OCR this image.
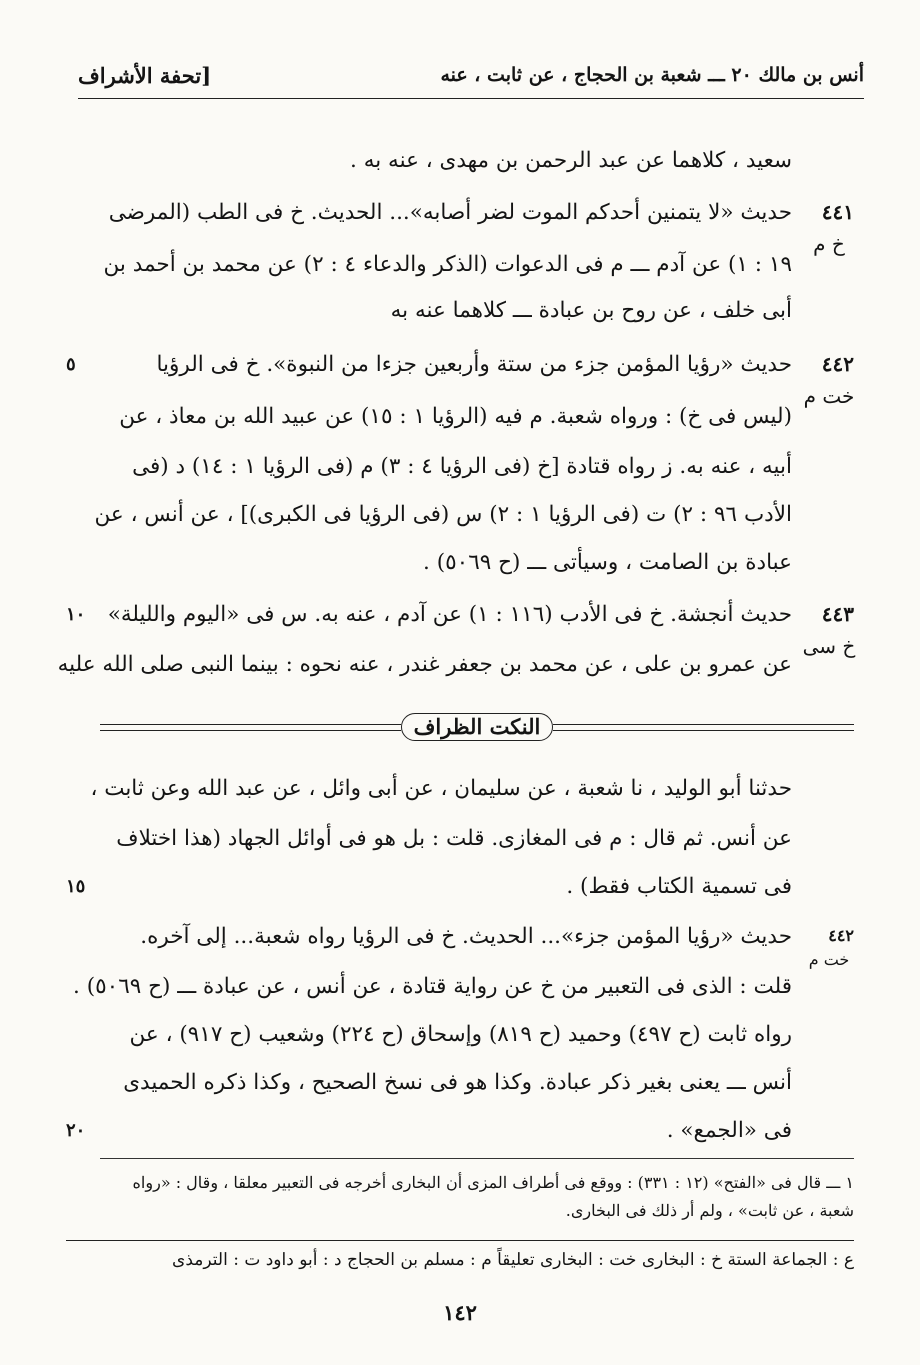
أنس بن مالك ٢٠ ـــ شعبة بن الحجاج ، عن ثابت ، عنه
[تحفة الأشراف
سعيد ، كلاهما عن عبد الرحمن بن مهدى ، عنه به .
٤٤١
خ م
حديث «لا يتمنين أحدكم الموت لضر أصابه»... الحديث. خ فى الطب (المرضى
١٩ : ١) عن آدم ـــ م فى الدعوات (الذكر والدعاء ٤ : ٢) عن محمد بن أحمد بن
أبى خلف ، عن روح بن عبادة ـــ كلاهما عنه به
٤٤٢
خت م
٥	حديث «رؤيا المؤمن جزء من ستة وأربعين جزءا من النبوة». خ فى الرؤيا
(ليس فى خ) : ورواه شعبة. م فيه (الرؤيا ١ : ١٥) عن عبيد الله بن معاذ ، عن
أبيه ، عنه به. ز رواه قتادة [خ (فى الرؤيا ٤ : ٣) م (فى الرؤيا ١ : ١٤) د (فى
الأدب ٩٦ : ٢) ت (فى الرؤيا ١ : ٢) س (فى الرؤيا فى الكبرى)] ، عن أنس ، عن
عبادة بن الصامت ، وسيأتى ـــ (ح ٥٠٦٩) .
٤٤٣
خ سى
١٠	حديث أنجشة. خ فى الأدب (١١٦ : ١) عن آدم ، عنه به. س فى «اليوم والليلة»
عن عمرو بن على ، عن محمد بن جعفر غندر ، عنه نحوه : بينما النبى صلى الله عليه
النكت الظراف
حدثنا أبو الوليد ، نا شعبة ، عن سليمان ، عن أبى وائل ، عن عبد الله وعن ثابت ،
عن أنس. ثم قال : م فى المغازى. قلت : بل هو فى أوائل الجهاد (هذا اختلاف
١٥	فى تسمية الكتاب فقط) .
٤٤٢
خت م
حديث «رؤيا المؤمن جزء»... الحديث. خ فى الرؤيا رواه شعبة... إلى آخره.
قلت : الذى فى التعبير من خ عن رواية قتادة ، عن أنس ، عن عبادة ـــ (ح ٥٠٦٩) .
رواه ثابت (ح ٤٩٧) وحميد (ح ٨١٩) وإسحاق (ح ٢٢٤) وشعيب (ح ٩١٧) ، عن
أنس ـــ يعنى بغير ذكر عبادة. وكذا هو فى نسخ الصحيح ، وكذا ذكره الحميدى
٢٠	فى «الجمع» .
١ ـــ قال فى «الفتح» (١٢ : ٣٣١) : ووقع فى أطراف المزى أن البخارى أخرجه فى التعبير معلقا ، وقال : «رواه
شعبة ، عن ثابت» ، ولم أر ذلك فى البخارى.
ع : الجماعة الستة خ : البخارى خت : البخارى تعليقاً م : مسلم بن الحجاج د : أبو داود ت : الترمذى
١٤٢
